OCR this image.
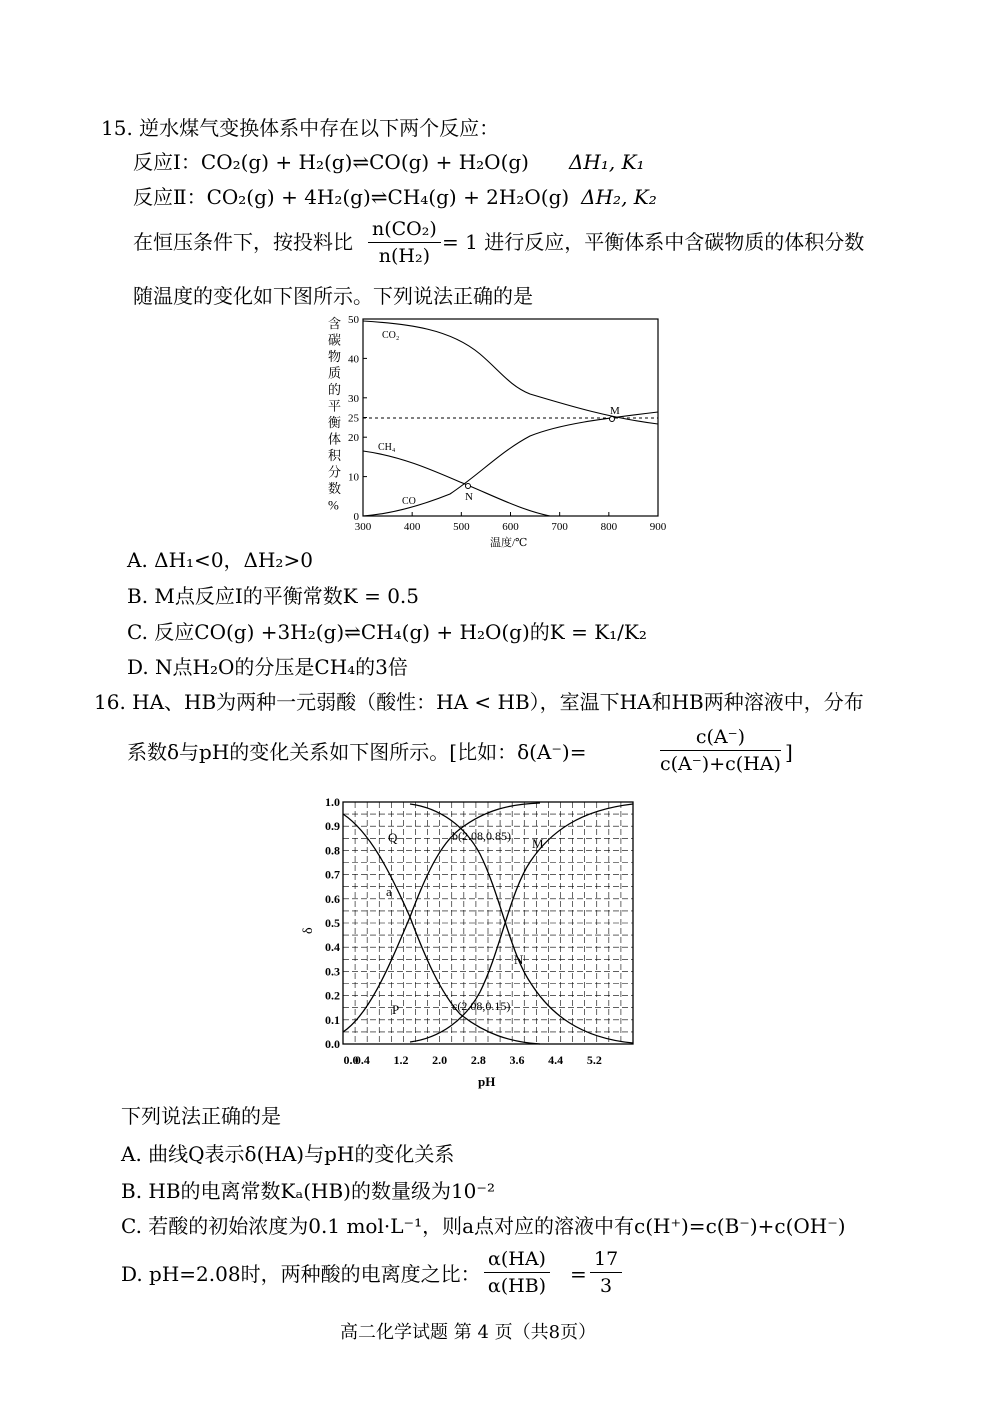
15. 逆水煤气变换体系中存在以下两个反应：
反应Ⅰ：CO₂(g) + H₂(g)⇌CO(g) + H₂O(g) ΔH₁, K₁
反应Ⅱ：CO₂(g) + 4H₂(g)⇌CH₄(g) + 2H₂O(g) ΔH₂, K₂
在恒压条件下，按投料比 $\frac{\text{n(CO₂)}}{\text{n(H₂)}} = 1$ 进行反应，平衡体系中含碳物质的体积分数
随温度的变化如下图所示。下列说法正确的是
含
碳
物
质
的
平
衡
体
积
分
数
%
0
10
20
25
30
40
50
300	400	500	600	700	800	900
CO₂
CH₄
CO
M
N
温度/℃
A. ΔH₁<0，ΔH₂>0
B. M点反应Ⅰ的平衡常数K = 0.5
C. 反应CO(g) +3H₂(g)⇌CH₄(g) + H₂O(g)的K = K₁/K₂
D. N点H₂O的分压是CH₄的3倍
16. HA、HB为两种一元弱酸（酸性：HA < HB），室温下HA和HB两种溶液中，分布
系数δ与pH的变化关系如下图所示。[比如：δ(A⁻)=	$\frac{c(A^-)}{c(A^-)+c(HA)}$ ]
0.0
0.1
0.2
0.3
0.4
0.5
0.6
0.7
0.8
0.9
1.0
0.0
0.4 1.2 2.0 2.8 3.6 4.4 5.2
δ
pH
Q	M
N
P
a
b(2.08,0.85)
c(2.08,0.15)
下列说法正确的是
A. 曲线Q表示δ(HA)与pH的变化关系
B. HB的电离常数Kₐ(HB)的数量级为10⁻²
C. 若酸的初始浓度为0.1 mol·L⁻¹，则a点对应的溶液中有c(H⁺)=c(B⁻)+c(OH⁻)
D. pH=2.08时，两种酸的电离度之比： $\frac{\alpha(HA)}{\alpha(HB)} = \frac{17}{3}$
高二化学试题 第 4 页（共8页）
